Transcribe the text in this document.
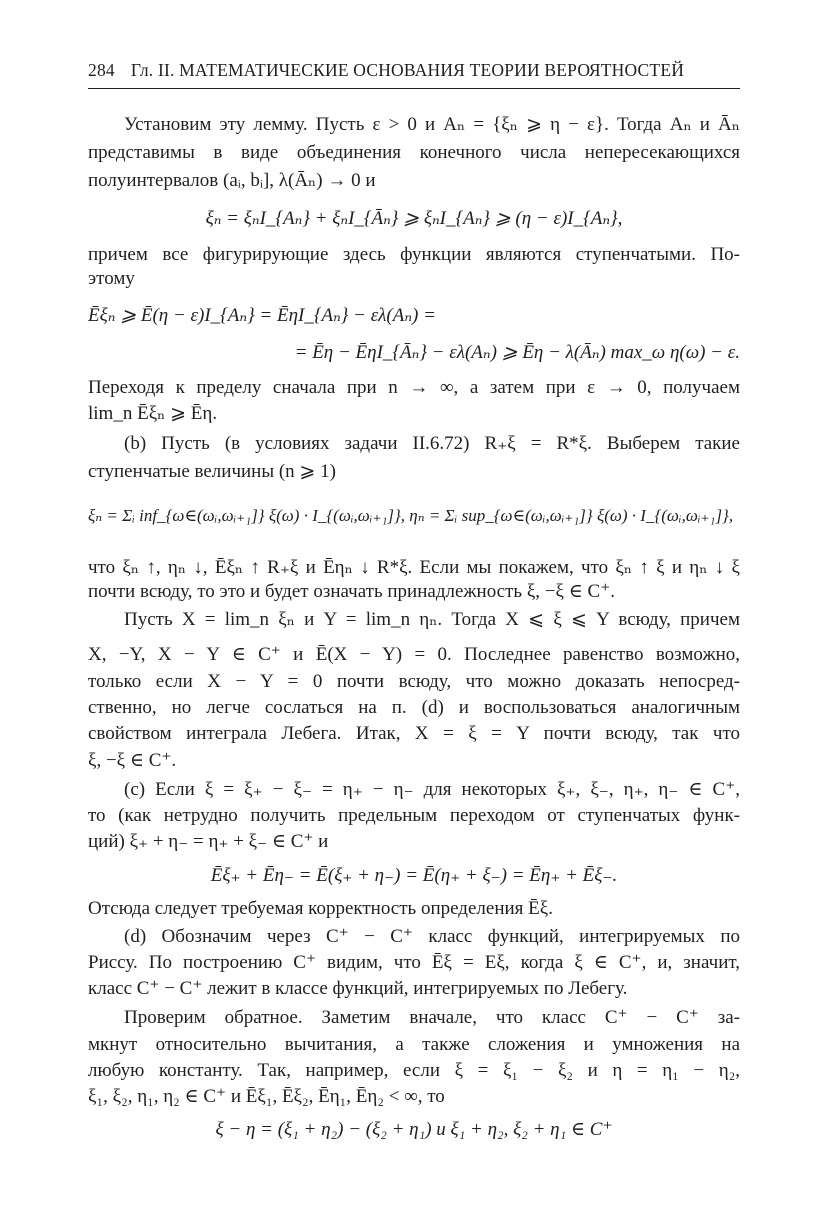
284 Гл. II. МАТЕМАТИЧЕСКИЕ ОСНОВАНИЯ ТЕОРИИ ВЕРОЯТНОСТЕЙ
Установим эту лемму. Пусть ε > 0 и Aₙ = {ξₙ ⩾ η − ε}. Тогда Aₙ и Āₙ
представимы в виде объединения конечного числа непересекающихся
полуинтервалов (aᵢ, bᵢ], λ(Āₙ) → 0 и
ξₙ = ξₙI_{Aₙ} + ξₙI_{Āₙ} ⩾ ξₙI_{Aₙ} ⩾ (η − ε)I_{Aₙ},
причем все фигурирующие здесь функции являются ступенчатыми. По-
этому
Ēξₙ ⩾ Ē(η − ε)I_{Aₙ} = ĒηI_{Aₙ} − ελ(Aₙ) =
= Ēη − ĒηI_{Āₙ} − ελ(Aₙ) ⩾ Ēη − λ(Āₙ) max_ω η(ω) − ε.
Переходя к пределу сначала при n → ∞, а затем при ε → 0, получаем
lim_n Ēξₙ ⩾ Ēη.
(b) Пусть (в условиях задачи II.6.72) R₊ξ = R*ξ. Выберем такие
ступенчатые величины (n ⩾ 1)
ξₙ = Σᵢ inf_{ω∈(ωᵢ,ωᵢ₊₁]} ξ(ω) · I_{(ωᵢ,ωᵢ₊₁]}, ηₙ = Σᵢ sup_{ω∈(ωᵢ,ωᵢ₊₁]} ξ(ω) · I_{(ωᵢ,ωᵢ₊₁]},
что ξₙ ↑, ηₙ ↓, Ēξₙ ↑ R₊ξ и Ēηₙ ↓ R*ξ. Если мы покажем, что ξₙ ↑ ξ и ηₙ ↓ ξ
почти всюду, то это и будет означать принадлежность ξ, −ξ ∈ C⁺.
Пусть X = lim_n ξₙ и Y = lim_n ηₙ. Тогда X ⩽ ξ ⩽ Y всюду, причем
X, −Y, X − Y ∈ C⁺ и Ē(X − Y) = 0. Последнее равенство возможно,
только если X − Y = 0 почти всюду, что можно доказать непосред-
ственно, но легче сослаться на п. (d) и воспользоваться аналогичным
свойством интеграла Лебега. Итак, X = ξ = Y почти всюду, так что
ξ, −ξ ∈ C⁺.
(c) Если ξ = ξ₊ − ξ₋ = η₊ − η₋ для некоторых ξ₊, ξ₋, η₊, η₋ ∈ C⁺,
то (как нетрудно получить предельным переходом от ступенчатых функ-
ций) ξ₊ + η₋ = η₊ + ξ₋ ∈ C⁺ и
Ēξ₊ + Ēη₋ = Ē(ξ₊ + η₋) = Ē(η₊ + ξ₋) = Ēη₊ + Ēξ₋.
Отсюда следует требуемая корректность определения Ēξ.
(d) Обозначим через C⁺ − C⁺ класс функций, интегрируемых по
Риссу. По построению C⁺ видим, что Ēξ = Eξ, когда ξ ∈ C⁺, и, значит,
класс C⁺ − C⁺ лежит в классе функций, интегрируемых по Лебегу.
Проверим обратное. Заметим вначале, что класс C⁺ − C⁺ за-
мкнут относительно вычитания, а также сложения и умножения на
любую константу. Так, например, если ξ = ξ₁ − ξ₂ и η = η₁ − η₂,
ξ₁, ξ₂, η₁, η₂ ∈ C⁺ и Ēξ₁, Ēξ₂, Ēη₁, Ēη₂ < ∞, то
ξ − η = (ξ₁ + η₂) − (ξ₂ + η₁) и ξ₁ + η₂, ξ₂ + η₁ ∈ C⁺
